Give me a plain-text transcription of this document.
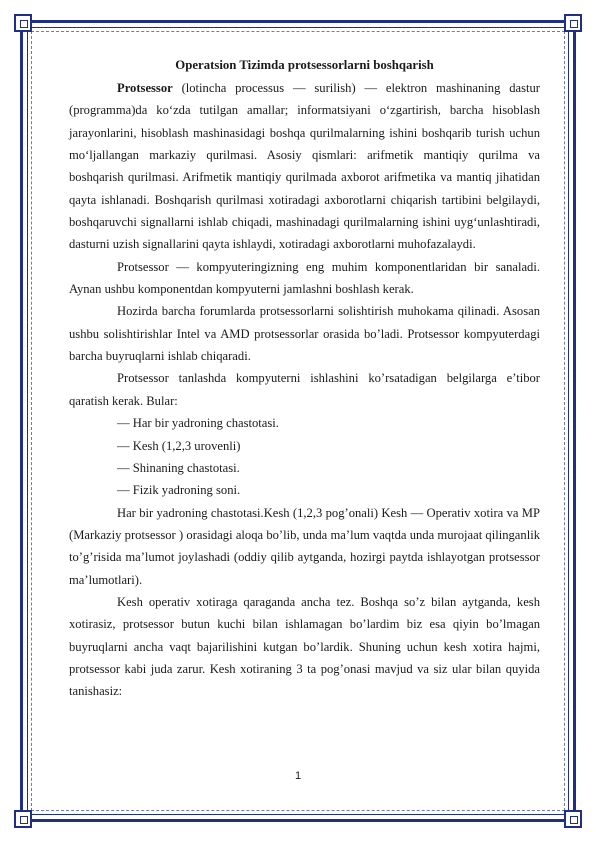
Operatsion Tizimda protsessorlarni boshqarish

Protsessor (lotincha processus — surilish) — elektron mashinaning dastur (programma)da ko‘zda tutilgan amallar; informatsiyani o‘zgartirish, barcha hisoblash jarayonlarini, hisoblash mashinasidagi boshqa qurilmalarning ishini boshqarib turish uchun mo‘ljallangan markaziy qurilmasi. Asosiy qismlari: arifmetik mantiqiy qurilma va boshqarish qurilmasi. Arifmetik mantiqiy qurilmada axborot arifmetika va mantiq jihatidan qayta ishlanadi. Boshqarish qurilmasi xotiradagi axborotlarni chiqarish tartibini belgilaydi, boshqaruvchi signallarni ishlab chiqadi, mashinadagi qurilmalarning ishini uyg‘unlashtiradi, dasturni uzish signallarini qayta ishlaydi, xotiradagi axborotlarni muhofazalaydi.

Protsessor — kompyuteringizning eng muhim komponentlaridan bir sanaladi. Aynan ushbu komponentdan kompyuterni jamlashni boshlash kerak.

Hozirda barcha forumlarda protsessorlarni solishtirish muhokama qilinadi. Asosan ushbu solishtirishlar Intel va AMD protsessorlar orasida bo’ladi. Protsessor kompyuterdagi barcha buyruqlarni ishlab chiqaradi.

Protsessor tanlashda kompyuterni ishlashini ko’rsatadigan belgilarga e’tibor qaratish kerak. Bular:

— Har bir yadroning chastotasi.

— Kesh (1,2,3 urovenli)

— Shinaning chastotasi.

— Fizik yadroning soni.

Har bir yadroning chastotasi.Kesh (1,2,3 pog’onali) Kesh — Operativ xotira va MP (Markaziy protsessor ) orasidagi aloqa bo’lib, unda ma’lum vaqtda unda murojaat qilinganlik to’g’risida ma’lumot joylashadi (oddiy qilib aytganda, hozirgi paytda ishlayotgan protsessor ma’lumotlari).

Kesh operativ xotiraga qaraganda ancha tez. Boshqa so’z bilan aytganda, kesh xotirasiz, protsessor butun kuchi bilan ishlamagan bo’lardim biz esa qiyin bo’lmagan buyruqlarni ancha vaqt bajarilishini kutgan bo’lardik. Shuning uchun kesh xotira hajmi, protsessor kabi juda zarur. Kesh xotiraning 3 ta pog’onasi mavjud va siz ular bilan quyida tanishasiz:

1
